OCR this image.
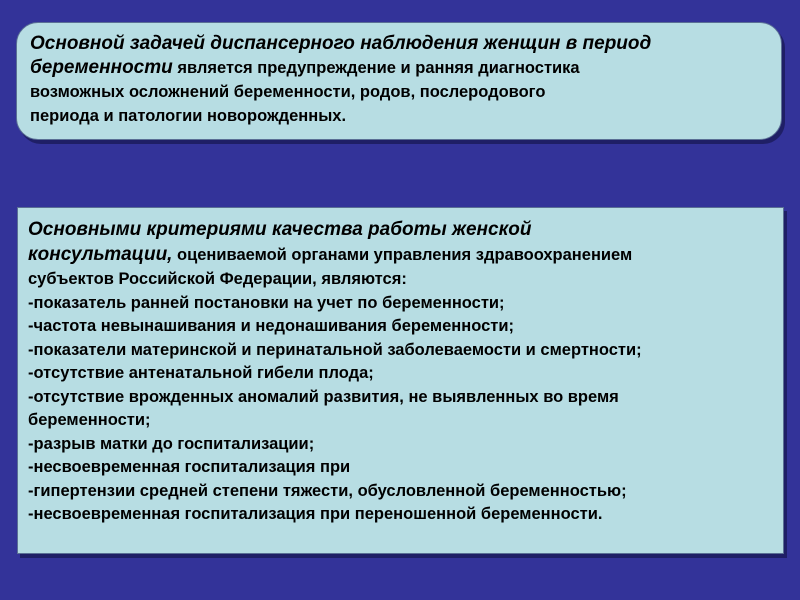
Основной задачей диспансерного наблюдения женщин в период
беременности является предупреждение и ранняя диагностика
возможных осложнений беременности, родов, послеродового
периода и патологии новорожденных.
Основными критериями качества работы женской
консультации, оцениваемой органами управления здравоохранением
субъектов Российской Федерации, являются:
-показатель ранней постановки на учет по беременности;
-частота невынашивания и недонашивания беременности;
-показатели материнской и перинатальной заболеваемости и смертности;
-отсутствие антенатальной гибели плода;
-отсутствие врожденных аномалий развития, не выявленных во время
беременности;
-разрыв матки до госпитализации;
-несвоевременная госпитализация при
-гипертензии средней степени тяжести, обусловленной беременностью;
-несвоевременная госпитализация при переношенной беременности.
